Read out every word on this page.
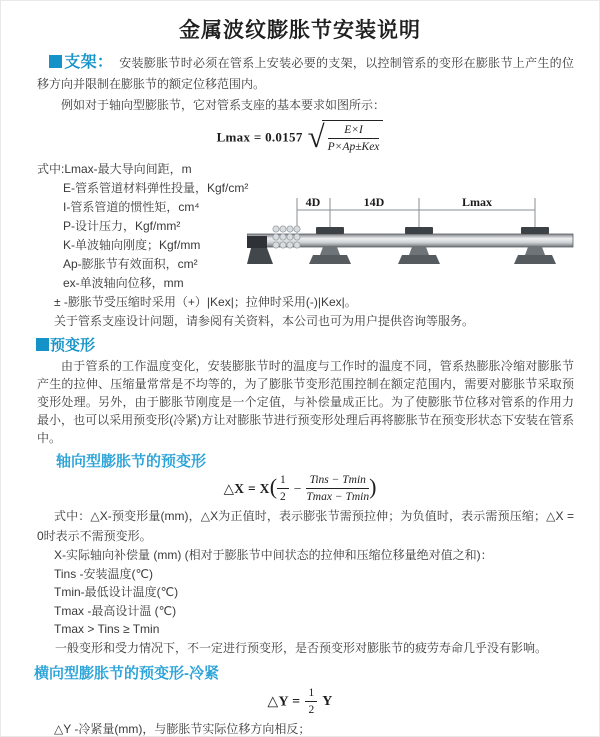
金属波纹膨胀节安装说明

支架： 安装膨胀节时必须在管系上安装必要的支架，以控制管系的变形在膨胀节上产生的位移方向并限制在膨胀节的额定位移范围内。

例如对于轴向型膨胀节，它对管系支座的基本要求如图所示：

Lmax = 0.0157 √ $\frac{E\times I}{\text{P×Ap±Kex}}$
式中:Lmax-最大导向间距，m
E-管系管道材料弹性投量，Kgf/cm²
I-管系管道的惯性矩，cm⁴
P-设计压力，Kgf/mm²
K-单波轴向刚度；Kgf/mm
Ap-膨胀节有效面积，cm²
ex-单波轴向位移，mm
± -膨胀节受压缩时采用（+）|Kex|；拉伸时采用(-)|Kex|。
关于管系支座设计问题，请参阅有关资料，本公司也可为用户提供咨询等服务。
4D	14D	Lmax
预变形

由于管系的工作温度变化，安装膨胀节时的温度与工作时的温度不同，管系热膨胀冷缩对膨胀节产生的拉伸、压缩量常常是不均等的，为了膨胀节变形范围控制在额定范围内，需要对膨胀节采取预变形处理。另外，由于膨胀节刚度是一个定值，与补偿量成正比。为了使膨胀节位移对管系的作用力最小，也可以采用预变形(冷紧)方让对膨胀节进行预变形处理后再将膨胀节在预变形状态下安装在管系中。

轴向型膨胀节的预变形
△X = $X( \frac{1}{2} - \frac{\text{Tins − Tmin}}{Tmax - Tmin}$ )

式中：△X-预变形量(mm)，△X为正值时，表示膨张节需预拉伸；为负值时，表示需预压缩；△X = 0时表示不需预变形。

X-实际轴向补偿量 (mm) (相对于膨胀节中间状态的拉伸和压缩位移量绝对值之和)：
Tins -安装温度(℃)
Tmin-最低设计温度(℃)
Tmax -最高设计温 (℃)
Tmax > Tins ≥ Tmin

一般变形和受力情况下，不一定进行预变形，是否预变形对膨胀节的疲劳寿命几乎没有影响。

横向型膨胀节的预变形-冷紧
△Y = $\frac{1}{2}$ Y

△Y -冷紧量(mm)，与膨胀节实际位移方向相反；
